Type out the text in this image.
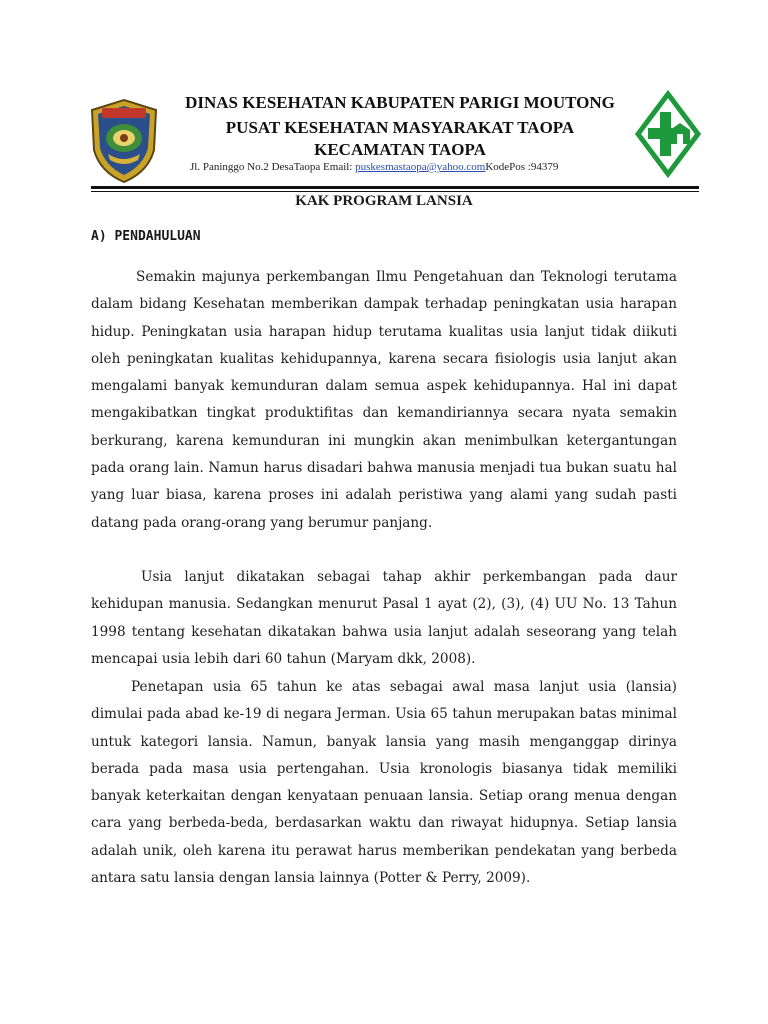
DINAS KESEHATAN KABUPATEN PARIGI MOUTONG
PUSAT KESEHATAN MASYARAKAT TAOPA
KECAMATAN TAOPA
Jl. Paninggo No.2 DesaTaopa Email: puskesmastaopa@yahoo.comKodePos :94379
KAK PROGRAM LANSIA
A) PENDAHULUAN

Semakin majunya perkembangan Ilmu Pengetahuan dan Teknologi terutama dalam bidang Kesehatan memberikan dampak terhadap peningkatan usia harapan hidup. Peningkatan usia harapan hidup terutama kualitas usia lanjut tidak diikuti oleh peningkatan kualitas kehidupannya, karena secara fisiologis usia lanjut akan mengalami banyak kemunduran dalam semua aspek kehidupannya. Hal ini dapat mengakibatkan tingkat produktifitas dan kemandiriannya secara nyata semakin berkurang, karena kemunduran ini mungkin akan menimbulkan ketergantungan pada orang lain. Namun harus disadari bahwa manusia menjadi tua bukan suatu hal yang luar biasa, karena proses ini adalah peristiwa yang alami yang sudah pasti datang pada orang-orang yang berumur panjang.

Usia lanjut dikatakan sebagai tahap akhir perkembangan pada daur kehidupan manusia. Sedangkan menurut Pasal 1 ayat (2), (3), (4) UU No. 13 Tahun 1998 tentang kesehatan dikatakan bahwa usia lanjut adalah seseorang yang telah mencapai usia lebih dari 60 tahun (Maryam dkk, 2008).

Penetapan usia 65 tahun ke atas sebagai awal masa lanjut usia (lansia) dimulai pada abad ke-19 di negara Jerman. Usia 65 tahun merupakan batas minimal untuk kategori lansia. Namun, banyak lansia yang masih menganggap dirinya berada pada masa usia pertengahan. Usia kronologis biasanya tidak memiliki banyak keterkaitan dengan kenyataan penuaan lansia. Setiap orang menua dengan cara yang berbeda-beda, berdasarkan waktu dan riwayat hidupnya. Setiap lansia adalah unik, oleh karena itu perawat harus memberikan pendekatan yang berbeda antara satu lansia dengan lansia lainnya (Potter & Perry, 2009).
